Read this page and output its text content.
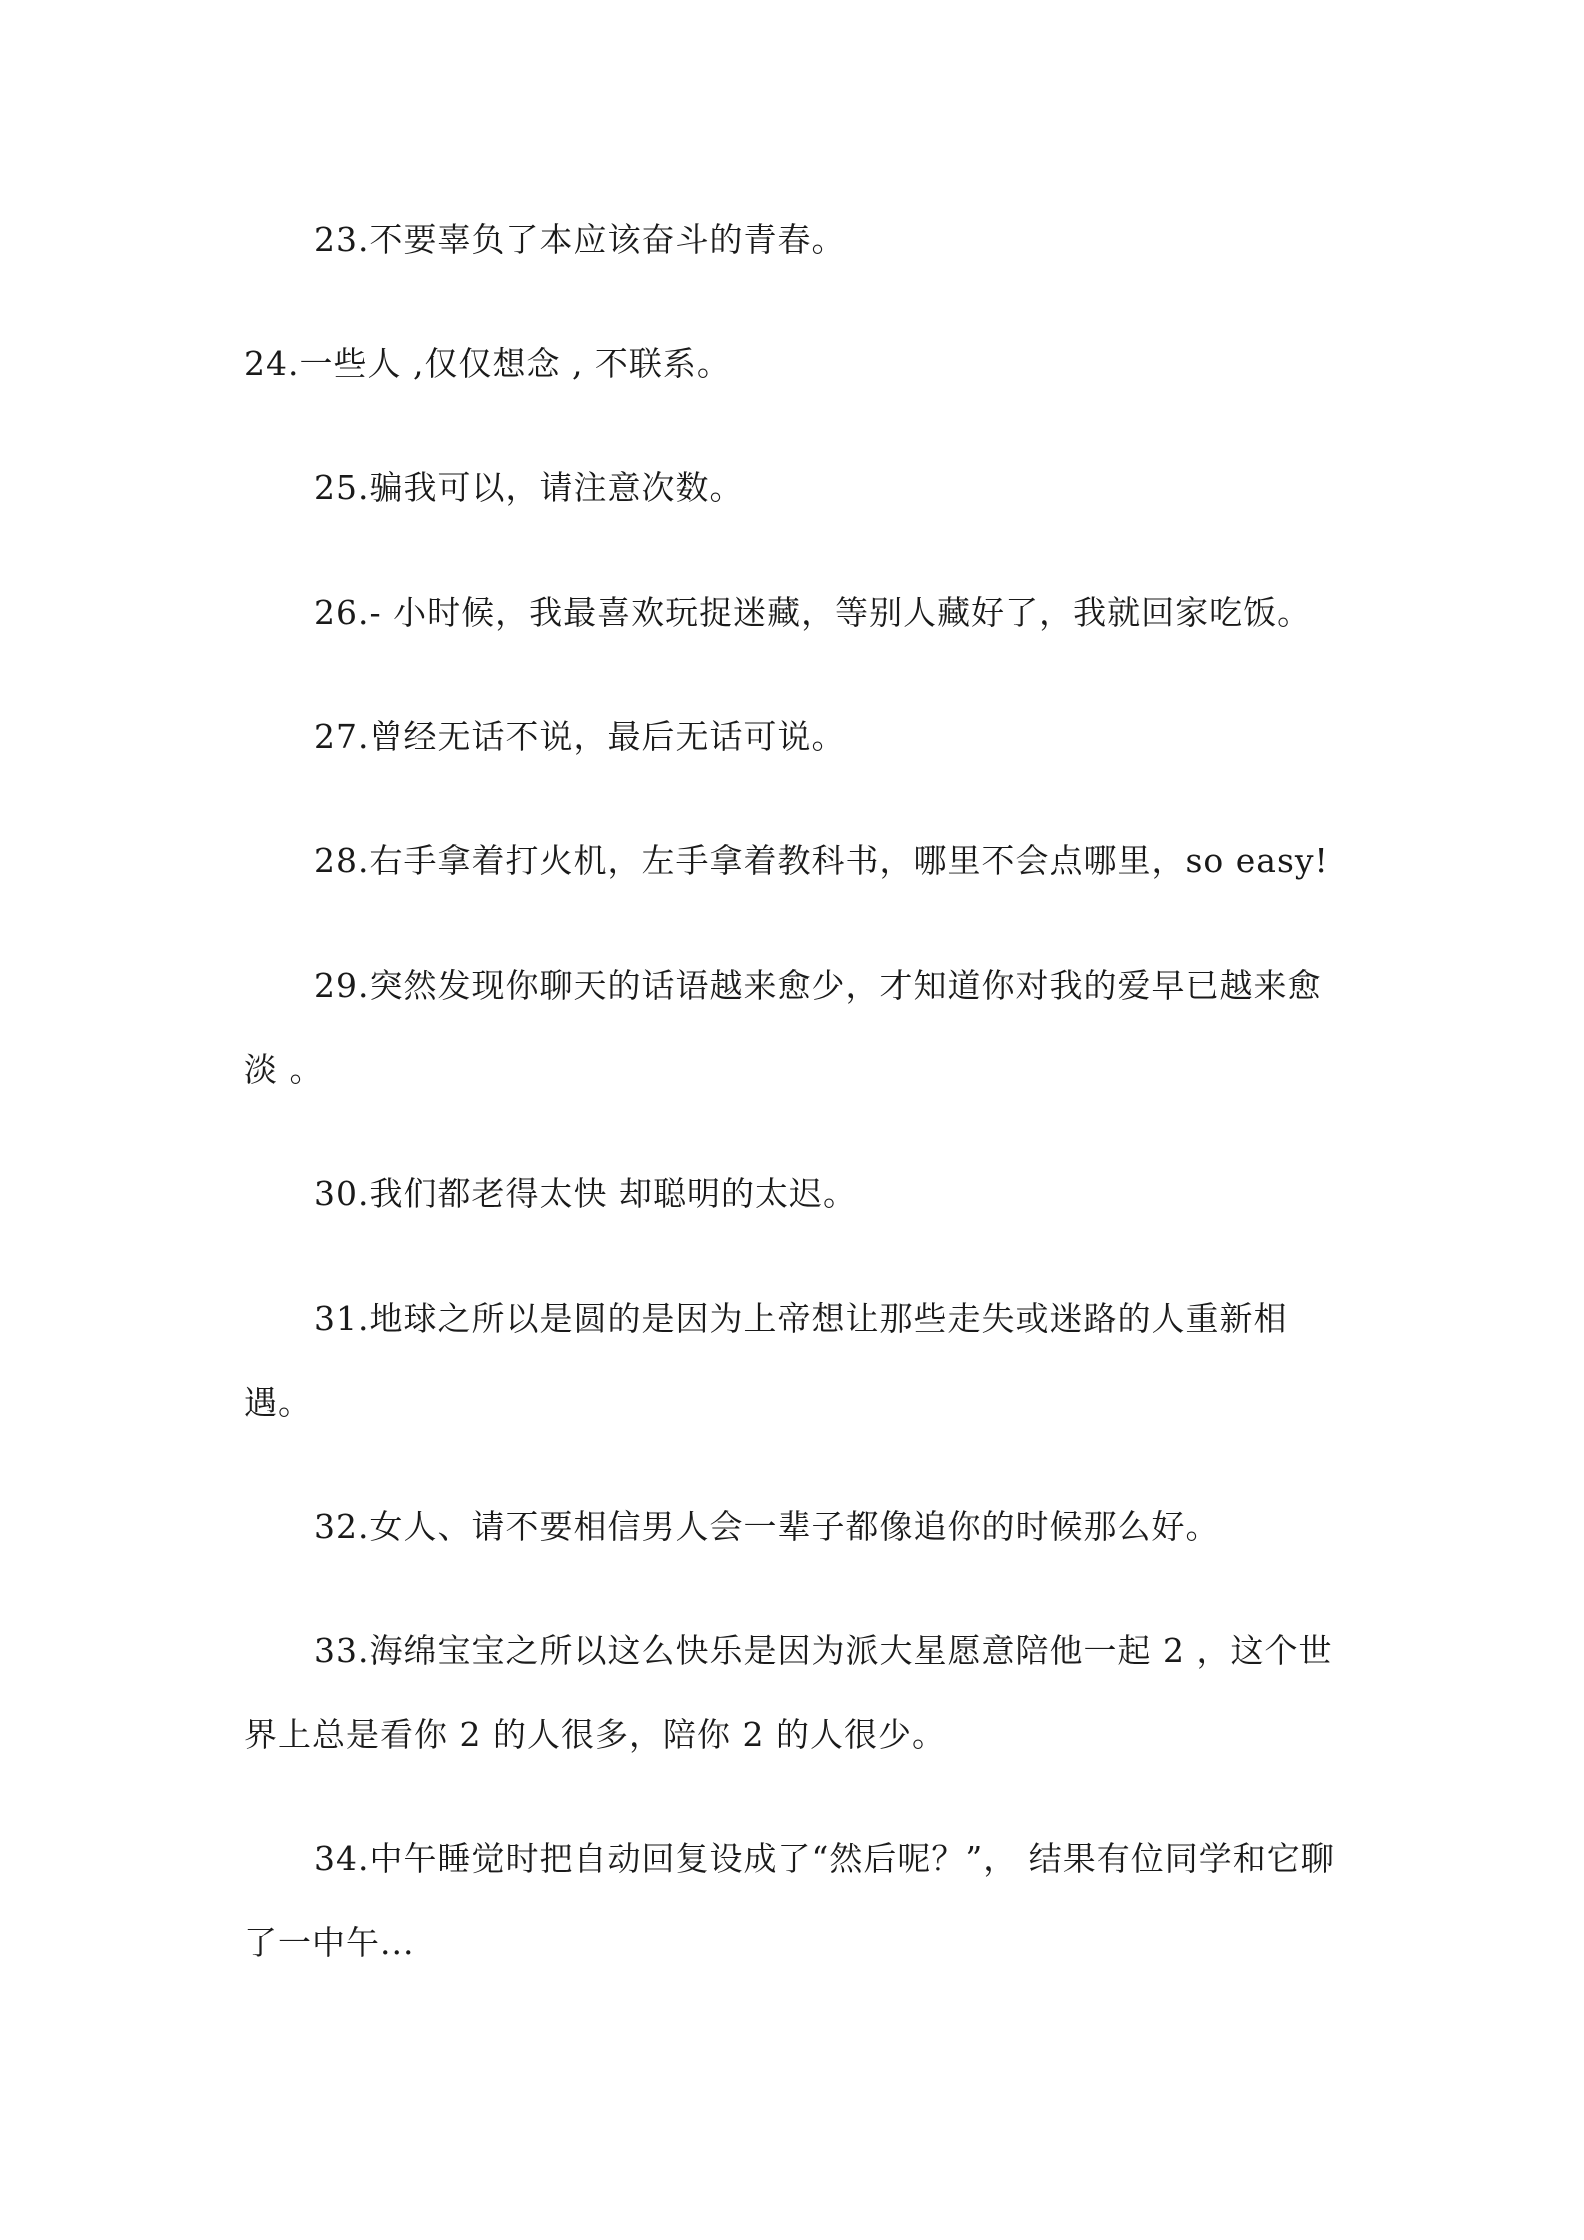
23.不要辜负了本应该奋斗的青春。

24.一些人 ,仅仅想念 , 不联系。

25.骗我可以，请注意次数。

26.- 小时候，我最喜欢玩捉迷藏，等别人藏好了，我就回家吃饭。

27.曾经无话不说，最后无话可说。

28.右手拿着打火机，左手拿着教科书，哪里不会点哪里，so easy!

29.突然发现你聊天的话语越来愈少，才知道你对我的爱早已越来愈淡 。

30.我们都老得太快 却聪明的太迟。

31.地球之所以是圆的是因为上帝想让那些走失或迷路的人重新相遇。

32.女人、请不要相信男人会一辈子都像追你的时候那么好。

33.海绵宝宝之所以这么快乐是因为派大星愿意陪他一起 2 ，这个世界上总是看你 2 的人很多，陪你 2 的人很少。

34.中午睡觉时把自动回复设成了“然后呢？”， 结果有位同学和它聊了一中午...
